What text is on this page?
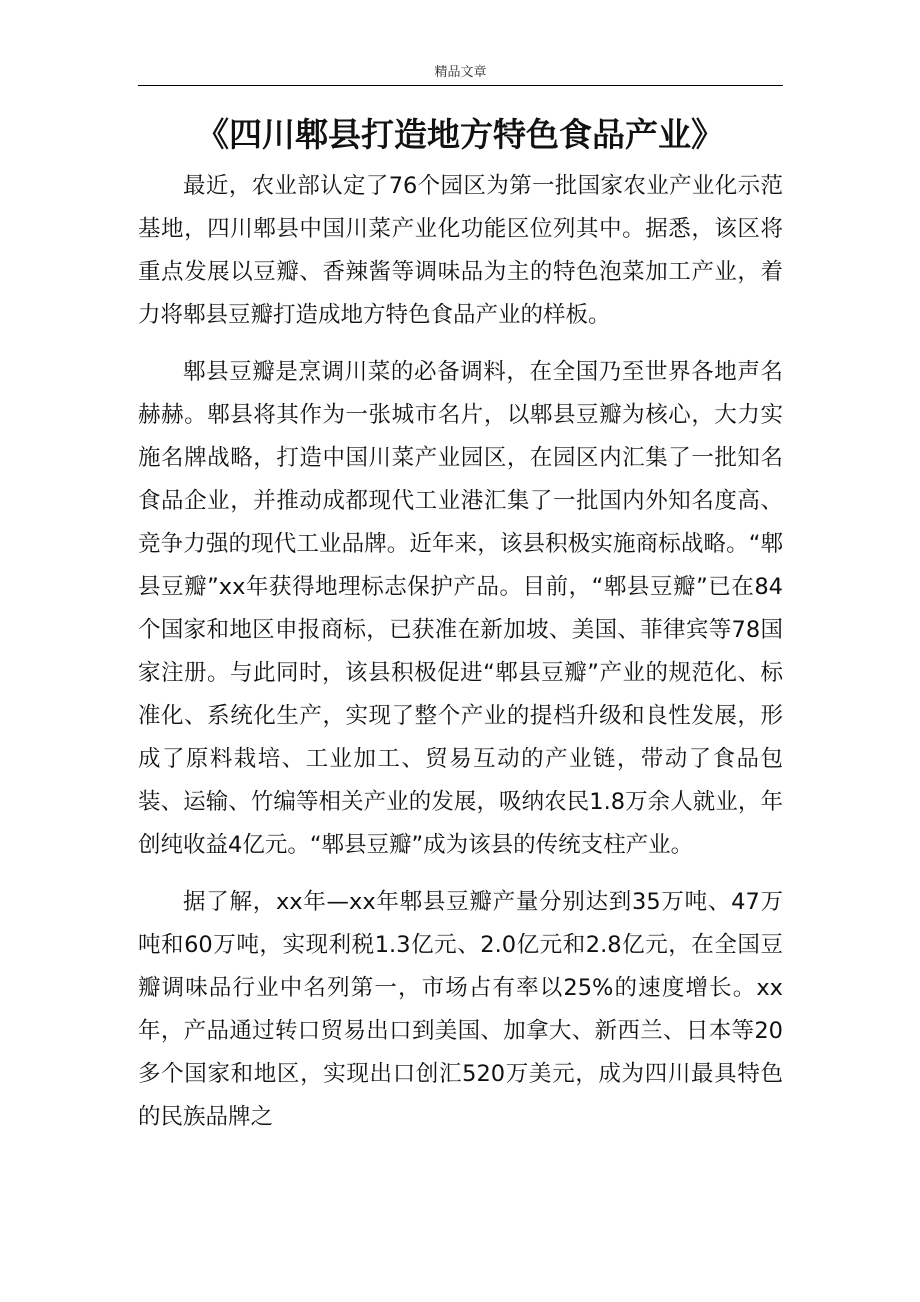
精品文章
《四川郫县打造地方特色食品产业》

最近，农业部认定了76个园区为第一批国家农业产业化示范基地，四川郫县中国川菜产业化功能区位列其中。据悉，该区将重点发展以豆瓣、香辣酱等调味品为主的特色泡菜加工产业，着力将郫县豆瓣打造成地方特色食品产业的样板。

郫县豆瓣是烹调川菜的必备调料，在全国乃至世界各地声名赫赫。郫县将其作为一张城市名片，以郫县豆瓣为核心，大力实施名牌战略，打造中国川菜产业园区，在园区内汇集了一批知名食品企业，并推动成都现代工业港汇集了一批国内外知名度高、竞争力强的现代工业品牌。近年来，该县积极实施商标战略。“郫县豆瓣”xx年获得地理标志保护产品。目前，“郫县豆瓣”已在84个国家和地区申报商标，已获准在新加坡、美国、菲律宾等78国家注册。与此同时，该县积极促进“郫县豆瓣”产业的规范化、标准化、系统化生产，实现了整个产业的提档升级和良性发展，形成了原料栽培、工业加工、贸易互动的产业链，带动了食品包装、运输、竹编等相关产业的发展，吸纳农民1.8万余人就业，年创纯收益4亿元。“郫县豆瓣”成为该县的传统支柱产业。

据了解，xx年—xx年郫县豆瓣产量分别达到35万吨、47万吨和60万吨，实现利税1.3亿元、2.0亿元和2.8亿元，在全国豆瓣调味品行业中名列第一，市场占有率以25%的速度增长。xx年，产品通过转口贸易出口到美国、加拿大、新西兰、日本等20多个国家和地区，实现出口创汇520万美元，成为四川最具特色的民族品牌之
